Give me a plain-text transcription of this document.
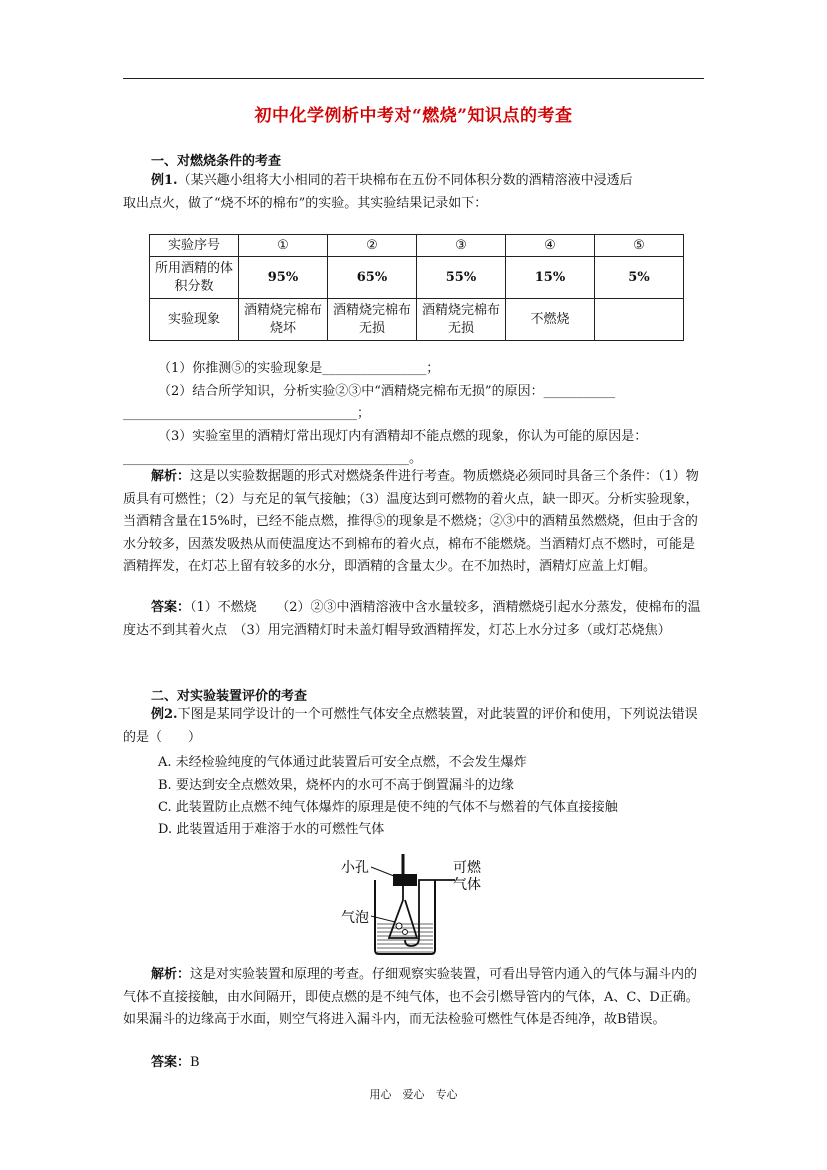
初中化学例析中考对“燃烧”知识点的考查
一、对燃烧条件的考查
例1.（某兴趣小组将大小相同的若干块棉布在五份不同体积分数的酒精溶液中浸透后
取出点火，做了“烧不坏的棉布”的实验。其实验结果记录如下：
实验序号	①	②	③	④	⑤
所用酒精的体积分数	95%	65%	55%	15%	5%
实验现象	酒精烧完棉布烧坏	酒精烧完棉布无损	酒精烧完棉布无损	不燃烧	
（1）你推测⑤的实验现象是________________；
（2）结合所学知识，分析实验②③中“酒精烧完棉布无损”的原因：___________
____________________________________；
（3）实验室里的酒精灯常出现灯内有酒精却不能点燃的现象，你认为可能的原因是：
____________________________________________。
解析：这是以实验数据题的形式对燃烧条件进行考查。物质燃烧必须同时具备三个条件：（1）物质具有可燃性；（2）与充足的氧气接触；（3）温度达到可燃物的着火点，缺一即灭。分析实验现象，当酒精含量在15%时，已经不能点燃，推得⑤的现象是不燃烧；②③中的酒精虽然燃烧，但由于含的水分较多，因蒸发吸热从而使温度达不到棉布的着火点，棉布不能燃烧。当酒精灯点不燃时，可能是酒精挥发，在灯芯上留有较多的水分，即酒精的含量太少。在不加热时，酒精灯应盖上灯帽。
答案：（1）不燃烧　　（2）②③中酒精溶液中含水量较多，酒精燃烧引起水分蒸发，使棉布的温度达不到其着火点　（3）用完酒精灯时未盖灯帽导致酒精挥发，灯芯上水分过多（或灯芯烧焦）
二、对实验装置评价的考查
例2.下图是某同学设计的一个可燃性气体安全点燃装置，对此装置的评价和使用，下列说法错误的是（　　）
A. 未经检验纯度的气体通过此装置后可安全点燃，不会发生爆炸
B. 要达到安全点燃效果，烧杯内的水可不高于倒置漏斗的边缘
C. 此装置防止点燃不纯气体爆炸的原理是使不纯的气体不与燃着的气体直接接触
D. 此装置适用于难溶于水的可燃性气体
小孔	可燃
气体
气泡
解析：这是对实验装置和原理的考查。仔细观察实验装置，可看出导管内通入的气体与漏斗内的气体不直接接触，由水间隔开，即使点燃的是不纯气体，也不会引燃导管内的气体，A、C、D正确。如果漏斗的边缘高于水面，则空气将进入漏斗内，而无法检验可燃性气体是否纯净，故B错误。
答案：B
用心　爱心　专心
